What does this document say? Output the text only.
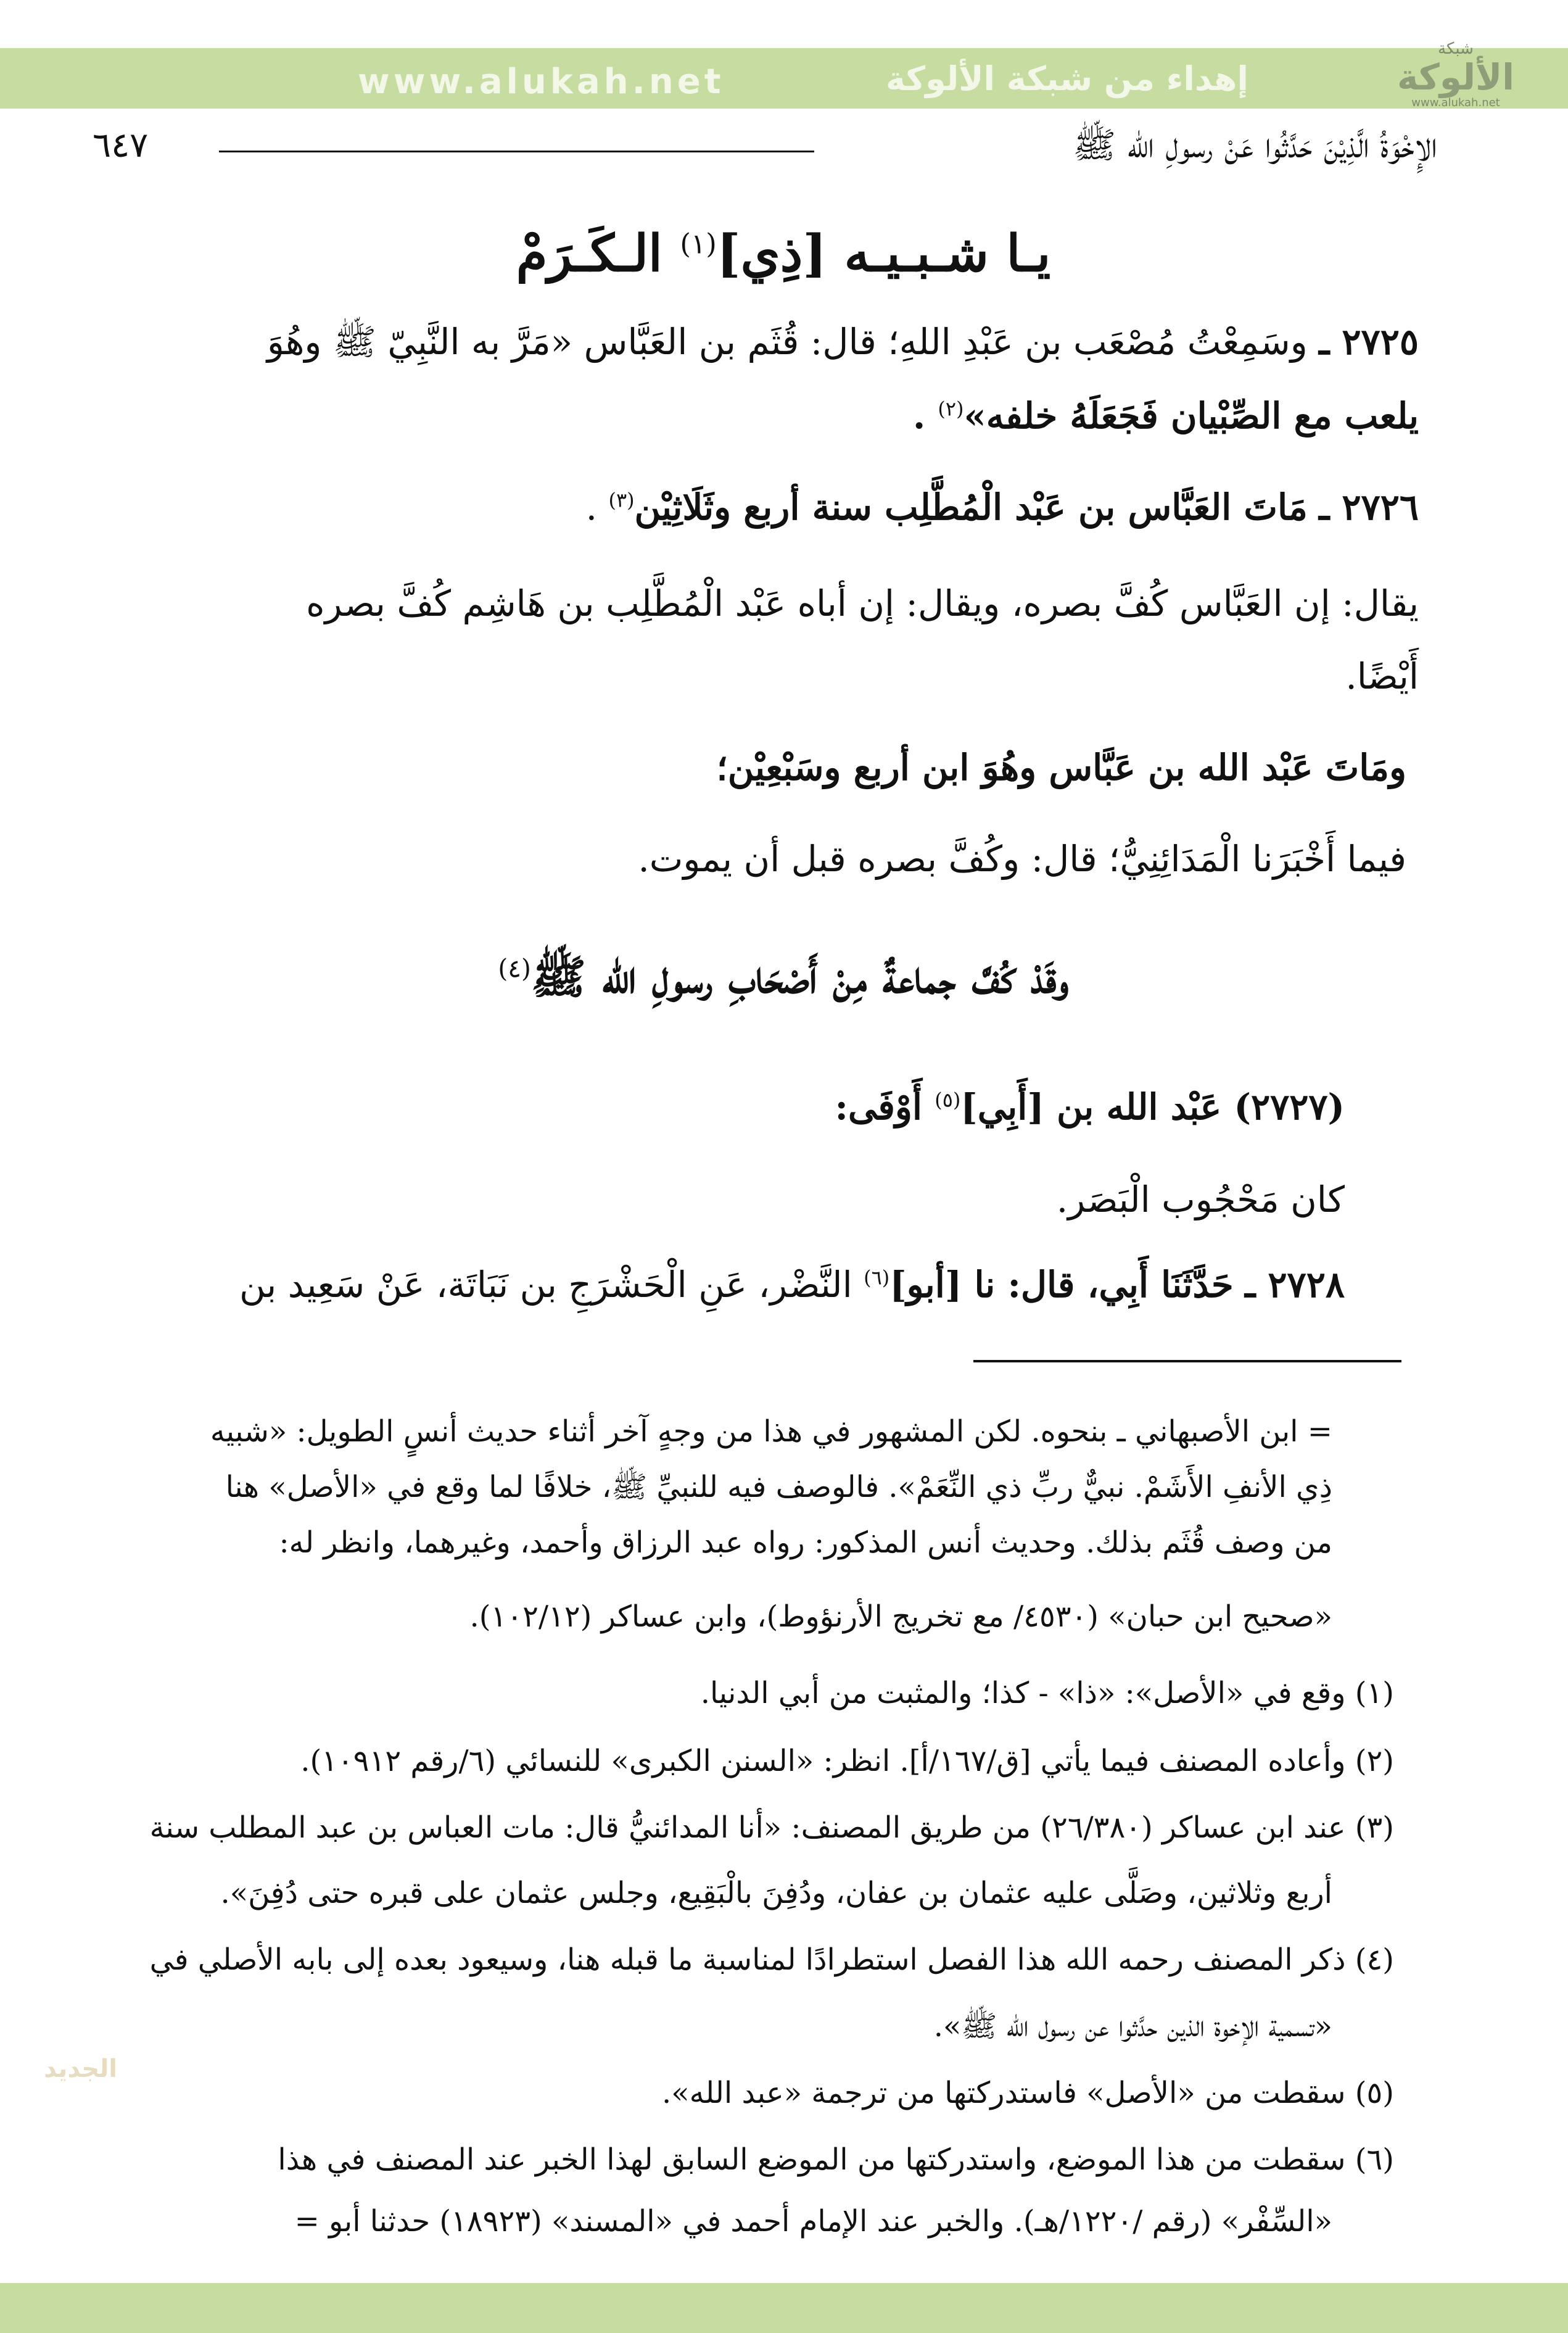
www.alukah.net	إهداء من شبكة الألوكة
شبكة
الألوكة
www.alukah.net
الإِخْوَةُ الَّذِيْنَ حَدَّثُوا عَنْ رسولِ الله ﷺ
٦٤٧
يـا شـبـيـه [ذِي]$^{(١)}$ الـكَـرَمْ
٢٧٢٥ ـ وسَمِعْتُ مُصْعَب بن عَبْدِ اللهِ؛ قال: قُثَم بن العَبَّاس «مَرَّ به النَّبِيّ ﷺ وهُوَ
يلعب مع الصِّبْيان فَجَعَلَهُ خلفه»$^{(٢)}$ .
٢٧٢٦ ـ مَاتَ العَبَّاس بن عَبْد الْمُطَّلِب سنة أربع وثَلَاثِيْن$^{(٣)}$ .
يقال: إن العَبَّاس كُفَّ بصره، ويقال: إن أباه عَبْد الْمُطَّلِب بن هَاشِم كُفَّ بصره
أَيْضًا.
ومَاتَ عَبْد الله بن عَبَّاس وهُوَ ابن أربع وسَبْعِيْن؛
فيما أَخْبَرَنا الْمَدَائِنِيُّ؛ قال: وكُفَّ بصره قبل أن يموت.
وقَدْ كُفَّ جماعةٌ مِنْ أَصْحَابِ رسولِ الله ﷺ$^{(٤)}$
(٢٧٢٧) عَبْد الله بن [أَبِي]$^{(٥)}$ أَوْفَى:
كان مَحْجُوب الْبَصَر.
٢٧٢٨ ـ حَدَّثَنَا أَبِي، قال: نا [أبو]$^{(٦)}$ النَّضْر، عَنِ الْحَشْرَجِ بن نَبَاتَة، عَنْ سَعِيد بن
= ابن الأصبهاني ـ بنحوه. لكن المشهور في هذا من وجهٍ آخر أثناء حديث أنسٍ الطويل: «شبيه
ذِي الأنفِ الأَشَمْ. نبيٌّ ربِّ ذي النِّعَمْ». فالوصف فيه للنبيِّ ﷺ، خلافًا لما وقع في «الأصل» هنا
من وصف قُثَم بذلك. وحديث أنس المذكور: رواه عبد الرزاق وأحمد، وغيرهما، وانظر له:
«صحيح ابن حبان» (٤٥٣٠/ مع تخريج الأرنؤوط)، وابن عساكر (١٠٢/١٢).
(١) وقع في «الأصل»: «ذا» - كذا؛ والمثبت من أبي الدنيا.
(٢) وأعاده المصنف فيما يأتي [ق/١٦٧/أ]. انظر: «السنن الكبرى» للنسائي (٦/رقم ١٠٩١٢).
(٣) عند ابن عساكر (٢٦/٣٨٠) من طريق المصنف: «أنا المدائنيُّ قال: مات العباس بن عبد المطلب سنة
أربع وثلاثين، وصَلَّى عليه عثمان بن عفان، ودُفِنَ بالْبَقِيع، وجلس عثمان على قبره حتى دُفِنَ».
(٤) ذكر المصنف رحمه الله هذا الفصل استطرادًا لمناسبة ما قبله هنا، وسيعود بعده إلى بابه الأصلي في
«تسمية الإخوة الذين حدَّثوا عن رسول الله ﷺ».
(٥) سقطت من «الأصل» فاستدركتها من ترجمة «عبد الله».
(٦) سقطت من هذا الموضع، واستدركتها من الموضع السابق لهذا الخبر عند المصنف في هذا
«السِّفْر» (رقم /١٢٢٠/هـ). والخبر عند الإمام أحمد في «المسند» (١٨٩٢٣) حدثنا أبو =
الجديد
